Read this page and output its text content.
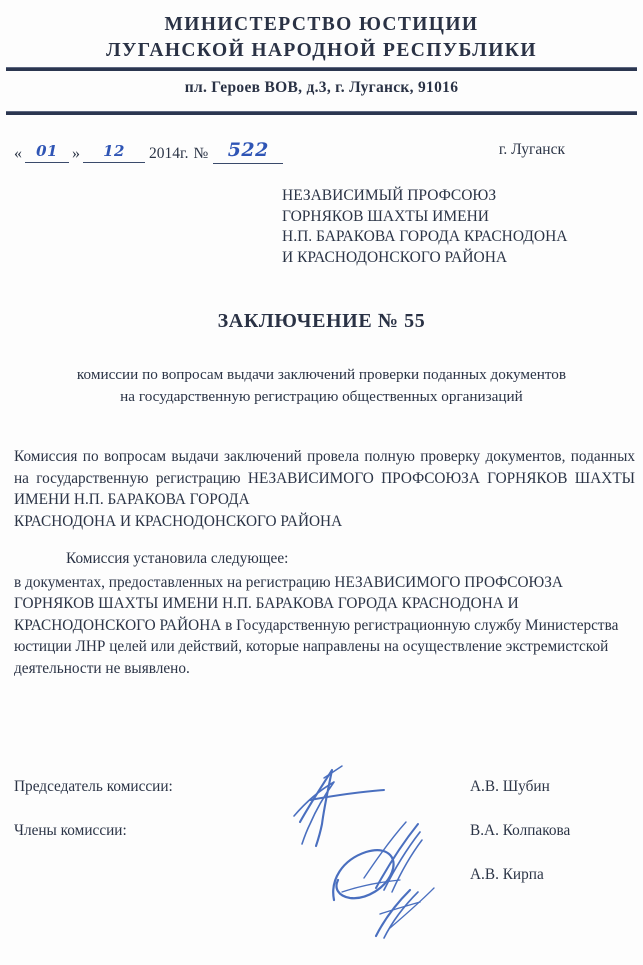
МИНИСТЕРСТВО ЮСТИЦИИ
ЛУГАНСКОЙ НАРОДНОЙ РЕСПУБЛИКИ
пл. Героев ВОВ, д.3, г. Луганск, 91016
« 01 »	12	2014г. №	522	г. Луганск
НЕЗАВИСИМЫЙ ПРОФСОЮЗ
ГОРНЯКОВ ШАХТЫ ИМЕНИ
Н.П. БАРАКОВА ГОРОДА КРАСНОДОНА
И КРАСНОДОНСКОГО РАЙОНА
ЗАКЛЮЧЕНИЕ № 55
комиссии по вопросам выдачи заключений проверки поданных документов
на государственную регистрацию общественных организаций
Комиссия по вопросам выдачи заключений провела полную проверку документов, поданных на государственную регистрацию НЕЗАВИСИМОГО ПРОФСОЮЗА ГОРНЯКОВ ШАХТЫ ИМЕНИ Н.П. БАРАКОВА ГОРОДА
КРАСНОДОНА И КРАСНОДОНСКОГО РАЙОНА
Комиссия установила следующее:
в документах, предоставленных на регистрацию НЕЗАВИСИМОГО ПРОФСОЮЗА ГОРНЯКОВ ШАХТЫ ИМЕНИ Н.П. БАРАКОВА ГОРОДА КРАСНОДОНА И КРАСНОДОНСКОГО РАЙОНА в Государственную регистрационную службу Министерства юстиции ЛНР целей или действий, которые направлены на осуществление экстремистской деятельности не выявлено.
Председатель комиссии:	А.В. Шубин
Члены комиссии:	В.А. Колпакова
А.В. Кирпа
